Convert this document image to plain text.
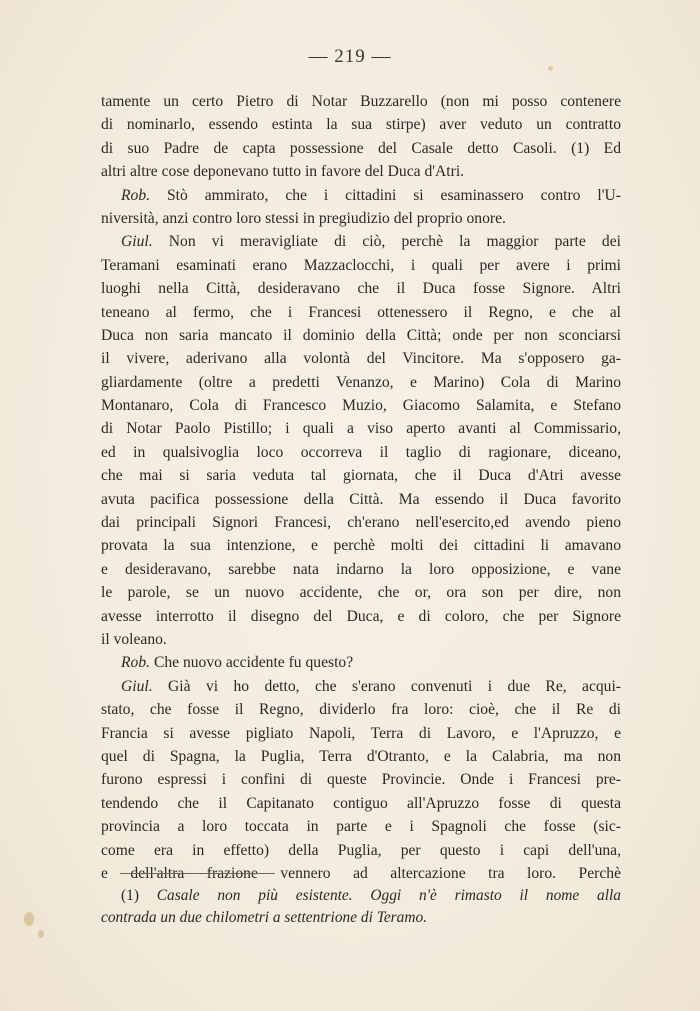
— 219 —
tamente un certo Pietro di Notar Buzzarello (non mi posso contenere
di nominarlo, essendo estinta la sua stirpe) aver veduto un contratto
di suo Padre de capta possessione del Casale detto Casoli. (1) Ed
altri altre cose deponevano tutto in favore del Duca d'Atri.
Rob. Stò ammirato, che i cittadini si esaminassero contro l'U-
niversità, anzi contro loro stessi in pregiudizio del proprio onore.
Giul. Non vi meravigliate di ciò, perchè la maggior parte dei
Teramani esaminati erano Mazzaclocchi, i quali per avere i primi
luoghi nella Città, desideravano che il Duca fosse Signore. Altri
teneano al fermo, che i Francesi ottenessero il Regno, e che al
Duca non saria mancato il dominio della Città; onde per non sconciarsi
il vivere, aderivano alla volontà del Vincitore. Ma s'opposero ga-
gliardamente (oltre a predetti Venanzo, e Marino) Cola di Marino
Montanaro, Cola di Francesco Muzio, Giacomo Salamita, e Stefano
di Notar Paolo Pistillo; i quali a viso aperto avanti al Commissario,
ed in qualsivoglia loco occorreva il taglio di ragionare, diceano,
che mai si saria veduta tal giornata, che il Duca d'Atri avesse
avuta pacifica possessione della Città. Ma essendo il Duca favorito
dai principali Signori Francesi, ch'erano nell'esercito,ed avendo pieno
provata la sua intenzione, e perchè molti dei cittadini li amavano
e desideravano, sarebbe nata indarno la loro opposizione, e vane
le parole, se un nuovo accidente, che or, ora son per dire, non
avesse interrotto il disegno del Duca, e di coloro, che per Signore
il voleano.
Rob. Che nuovo accidente fu questo?
Giul. Già vi ho detto, che s'erano convenuti i due Re, acqui-
stato, che fosse il Regno, dividerlo fra loro: cioè, che il Re di
Francia si avesse pigliato Napoli, Terra di Lavoro, e l'Apruzzo, e
quel di Spagna, la Puglia, Terra d'Otranto, e la Calabria, ma non
furono espressi i confini di queste Provincie. Onde i Francesi pre-
tendendo che il Capitanato contiguo all'Apruzzo fosse di questa
provincia a loro toccata in parte e i Spagnoli che fosse (sic-
come era in effetto) della Puglia, per questo i capi dell'una,
e dell'altra frazione vennero ad altercazione tra loro. Perchè
(1) Casale non più esistente. Oggi n'è rimasto il nome alla
contrada un due chilometri a settentrione di Teramo.
